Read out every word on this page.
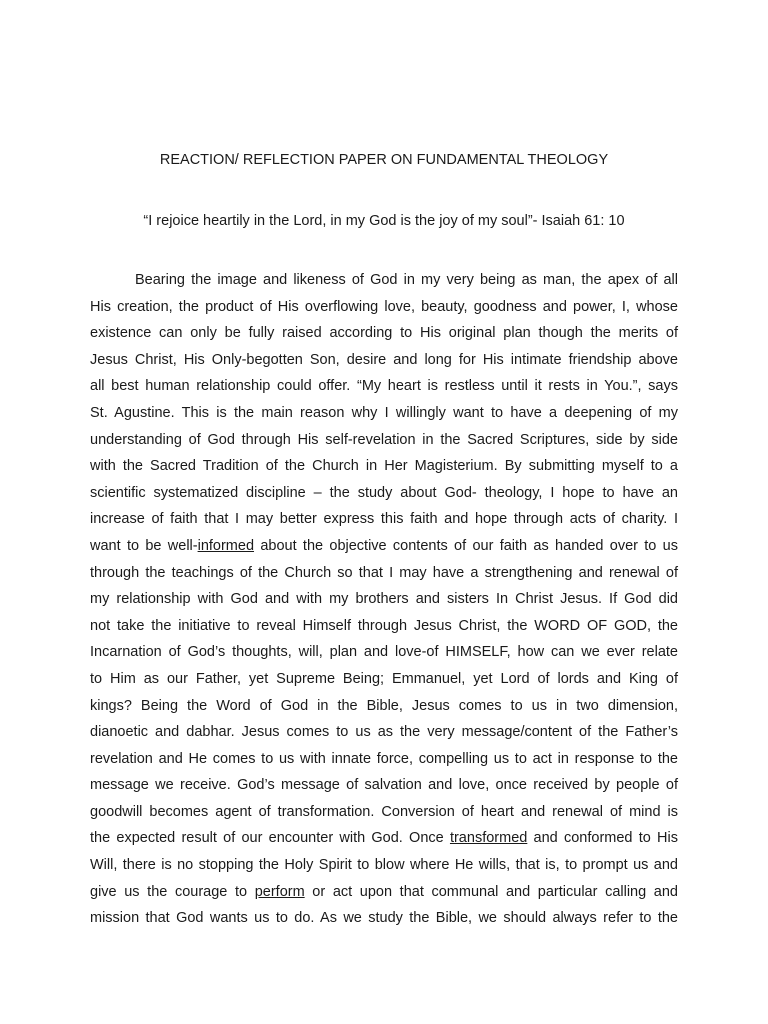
REACTION/ REFLECTION PAPER ON FUNDAMENTAL THEOLOGY
“I rejoice heartily in the Lord, in my God is the joy of my soul”- Isaiah 61: 10
Bearing the image and likeness of God in my very being as man, the apex of all
His creation, the product of His overflowing love, beauty, goodness and power, I, whose
existence can only be fully raised according to His original plan though the merits of
Jesus Christ, His Only-begotten Son, desire and long for His intimate friendship above
all best human relationship could offer. “My heart is restless until it rests in You.”, says
St. Agustine. This is the main reason why I willingly want to have a deepening of my
understanding of God through His self-revelation in the Sacred Scriptures, side by side
with the Sacred Tradition of the Church in Her Magisterium. By submitting myself to a
scientific systematized discipline – the study about God- theology, I hope to have an
increase of faith that I may better express this faith and hope through acts of charity. I
want to be well-informed about the objective contents of our faith as handed over to us
through the teachings of the Church so that I may have a strengthening and renewal of
my relationship with God and with my brothers and sisters In Christ Jesus. If God did
not take the initiative to reveal Himself through Jesus Christ, the WORD OF GOD, the
Incarnation of God’s thoughts, will, plan and love-of HIMSELF, how can we ever relate
to Him as our Father, yet Supreme Being; Emmanuel, yet Lord of lords and King of
kings? Being the Word of God in the Bible, Jesus comes to us in two dimension,
dianoetic and dabhar. Jesus comes to us as the very message/content of the Father’s
revelation and He comes to us with innate force, compelling us to act in response to the
message we receive. God’s message of salvation and love, once received by people of
goodwill becomes agent of transformation. Conversion of heart and renewal of mind is
the expected result of our encounter with God. Once transformed and conformed to His
Will, there is no stopping the Holy Spirit to blow where He wills, that is, to prompt us and
give us the courage to perform or act upon that communal and particular calling and
mission that God wants us to do. As we study the Bible, we should always refer to the
